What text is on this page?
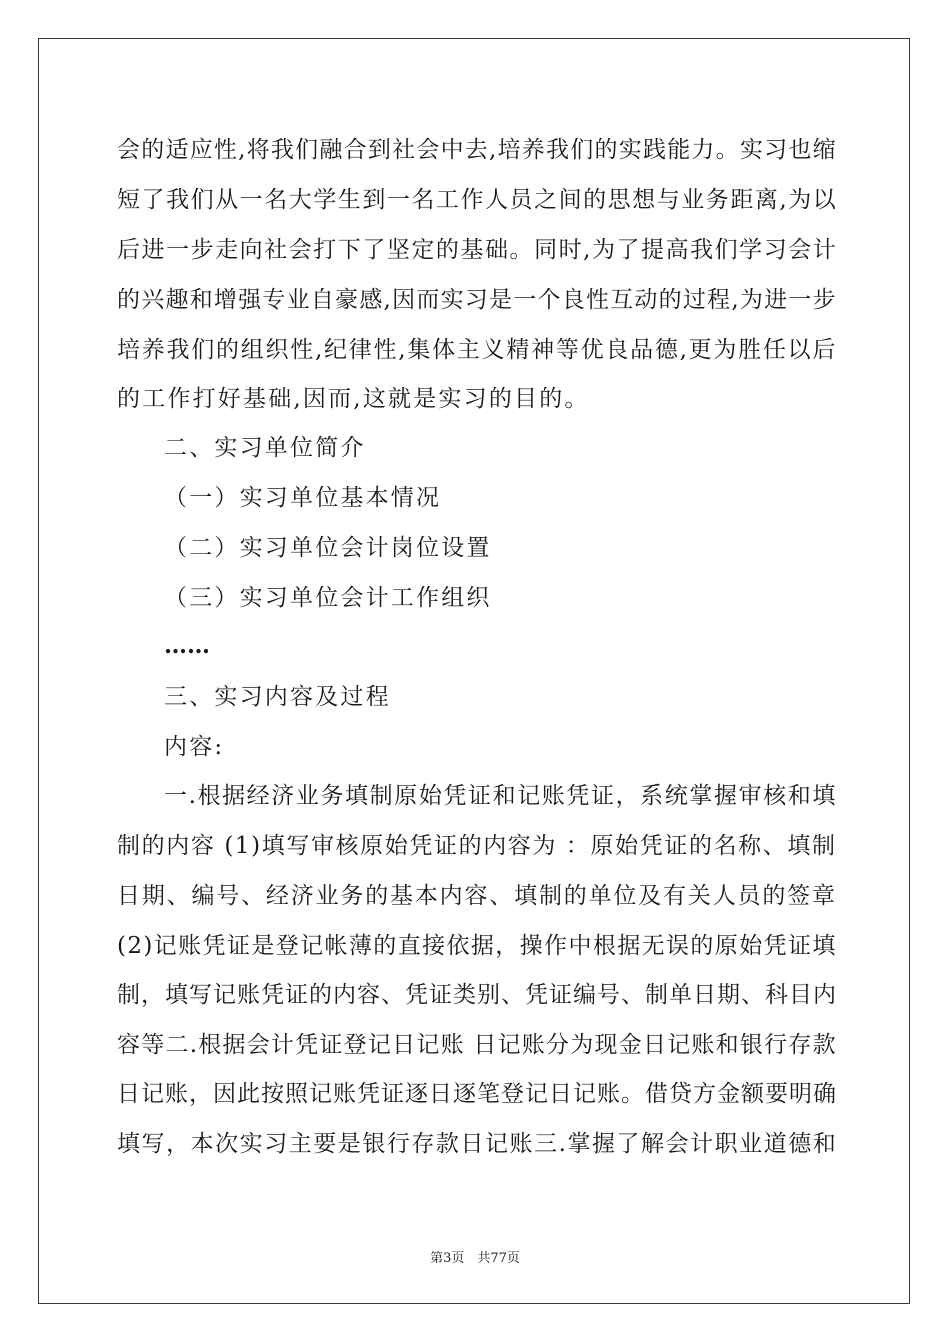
会的适应性,将我们融合到社会中去,培养我们的实践能力。实习也缩
短了我们从一名大学生到一名工作人员之间的思想与业务距离,为以
后进一步走向社会打下了坚定的基础。同时,为了提高我们学习会计
的兴趣和增强专业自豪感,因而实习是一个良性互动的过程,为进一步
培养我们的组织性,纪律性,集体主义精神等优良品德,更为胜任以后
的工作打好基础,因而,这就是实习的目的。
二、实习单位简介
（一）实习单位基本情况
（二）实习单位会计岗位设置
（三）实习单位会计工作组织
……
三、实习内容及过程
内容:
一.根据经济业务填制原始凭证和记账凭证，系统掌握审核和填
制的内容 (1)填写审核原始凭证的内容为 ：原始凭证的名称、填制
日期、编号、经济业务的基本内容、填制的单位及有关人员的签章
(2)记账凭证是登记帐薄的直接依据，操作中根据无误的原始凭证填
制，填写记账凭证的内容、凭证类别、凭证编号、制单日期、科目内
容等二.根据会计凭证登记日记账 日记账分为现金日记账和银行存款
日记账，因此按照记账凭证逐日逐笔登记日记账。借贷方金额要明确
填写，本次实习主要是银行存款日记账三.掌握了解会计职业道德和
第3页　共77页
